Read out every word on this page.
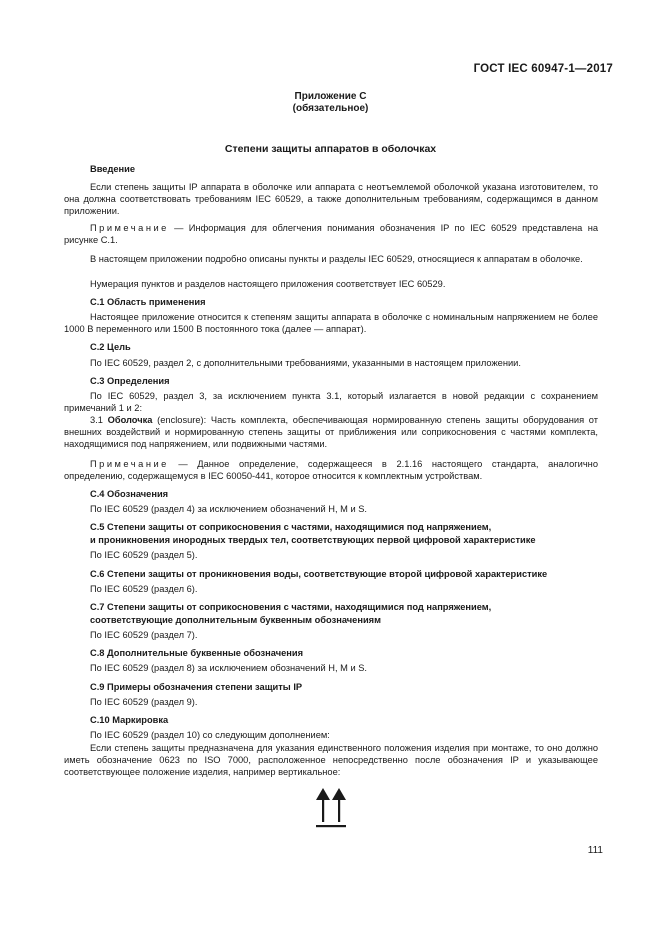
ГОСТ IEC 60947-1—2017
Приложение C
(обязательное)
Степени защиты аппаратов в оболочках
Введение
Если степень защиты IP аппарата в оболочке или аппарата с неотъемлемой оболочкой указана изготовителем, то она должна соответствовать требованиям IEC 60529, а также дополнительным требованиям, содержащимся в данном приложении.
Примечание — Информация для облегчения понимания обозначения IP по IEC 60529 представлена на рисунке C.1.
В настоящем приложении подробно описаны пункты и разделы IEC 60529, относящиеся к аппаратам в оболочке.
Нумерация пунктов и разделов настоящего приложения соответствует IEC 60529.
C.1 Область применения
Настоящее приложение относится к степеням защиты аппарата в оболочке с номинальным напряжением не более 1000 В переменного или 1500 В постоянного тока (далее — аппарат).
C.2 Цель
По IEC 60529, раздел 2, с дополнительными требованиями, указанными в настоящем приложении.
C.3 Определения
По IEC 60529, раздел 3, за исключением пункта 3.1, который излагается в новой редакции с сохранением примечаний 1 и 2:
3.1 Оболочка (enclosure): Часть комплекта, обеспечивающая нормированную степень защиты оборудования от внешних воздействий и нормированную степень защиты от приближения или соприкосновения с частями комплекта, находящимися под напряжением, или подвижными частями.
Примечание — Данное определение, содержащееся в 2.1.16 настоящего стандарта, аналогично определению, содержащемуся в IEC 60050-441, которое относится к комплектным устройствам.
C.4 Обозначения
По IEC 60529 (раздел 4) за исключением обозначений H, M и S.
C.5 Степени защиты от соприкосновения с частями, находящимися под напряжением,
и проникновения инородных твердых тел, соответствующих первой цифровой характеристике
По IEC 60529 (раздел 5).
C.6 Степени защиты от проникновения воды, соответствующие второй цифровой характеристике
По IEC 60529 (раздел 6).
C.7 Степени защиты от соприкосновения с частями, находящимися под напряжением,
соответствующие дополнительным буквенным обозначениям
По IEC 60529 (раздел 7).
C.8 Дополнительные буквенные обозначения
По IEC 60529 (раздел 8) за исключением обозначений H, M и S.
C.9 Примеры обозначения степени защиты IP
По IEC 60529 (раздел 9).
C.10 Маркировка
По IEC 60529 (раздел 10) со следующим дополнением:
Если степень защиты предназначена для указания единственного положения изделия при монтаже, то оно должно иметь обозначение 0623 по ISO 7000, расположенное непосредственно после обозначения IP и указывающее соответствующее положение изделия, например вертикальное:
111
